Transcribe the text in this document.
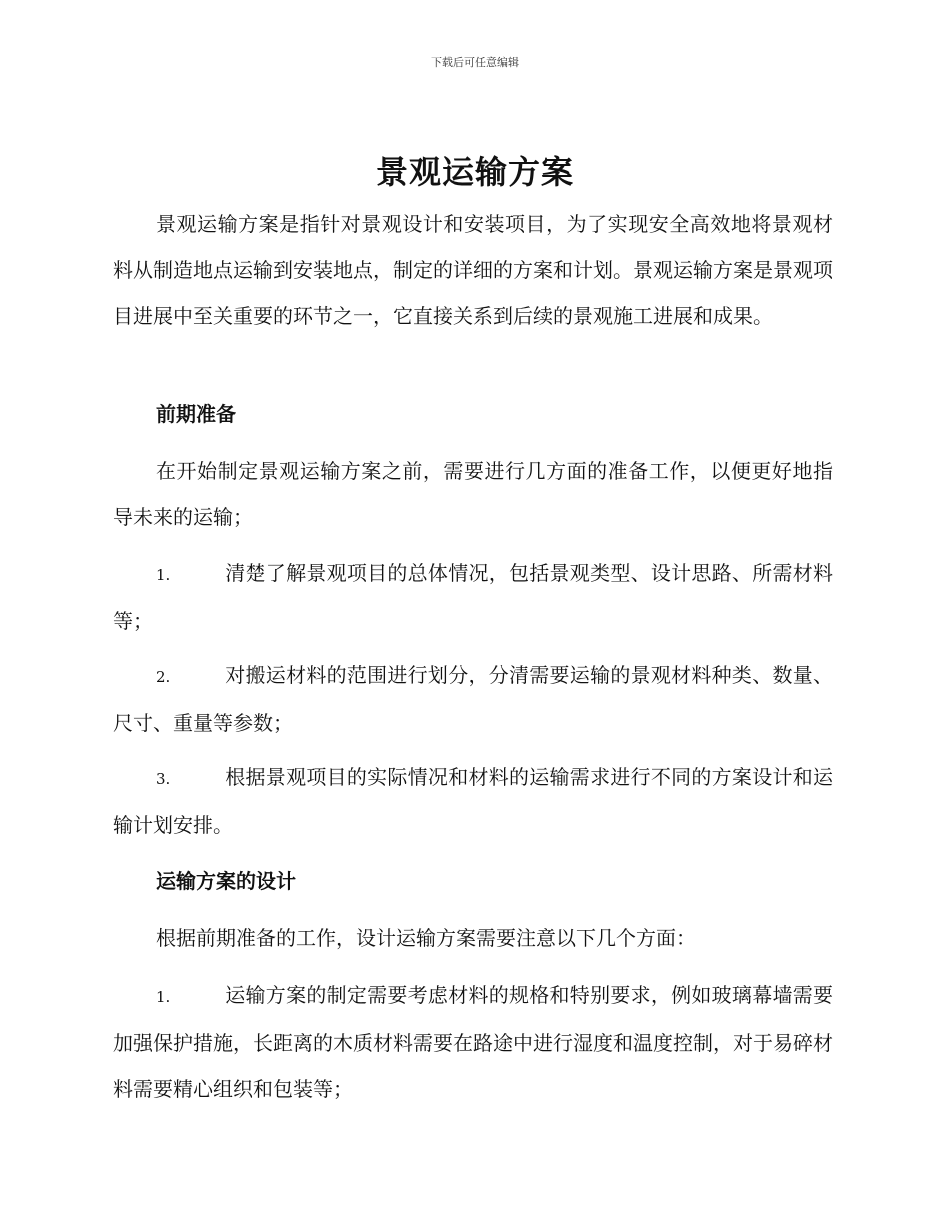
下载后可任意编辑
景观运输方案

景观运输方案是指针对景观设计和安装项目，为了实现安全高效地将景观材料从制造地点运输到安装地点，制定的详细的方案和计划。景观运输方案是景观项目进展中至关重要的环节之一，它直接关系到后续的景观施工进展和成果。

前期准备

在开始制定景观运输方案之前，需要进行几方面的准备工作，以便更好地指导未来的运输；

1.	清楚了解景观项目的总体情况，包括景观类型、设计思路、所需材料等；

2.	对搬运材料的范围进行划分，分清需要运输的景观材料种类、数量、尺寸、重量等参数；

3.	根据景观项目的实际情况和材料的运输需求进行不同的方案设计和运输计划安排。

运输方案的设计

根据前期准备的工作，设计运输方案需要注意以下几个方面：

1.	运输方案的制定需要考虑材料的规格和特别要求，例如玻璃幕墙需要加强保护措施，长距离的木质材料需要在路途中进行湿度和温度控制，对于易碎材料需要精心组织和包装等；
